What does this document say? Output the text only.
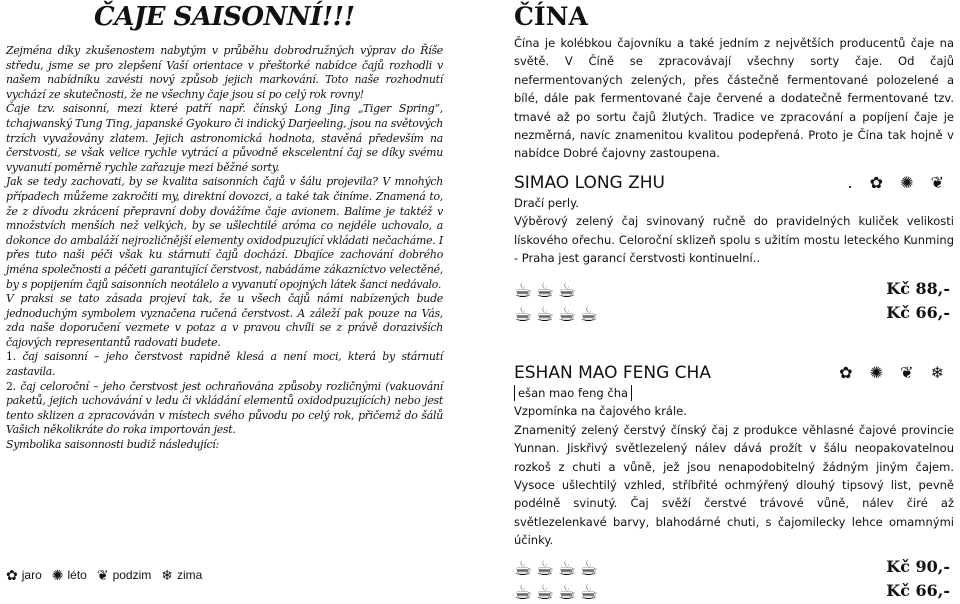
ČAJE SAISONNÍ!!!

Zejména díky zkušenostem nabytým v průběhu dobrodružných výprav do Říše středu, jsme se pro zlepšení Vaší orientace v přeštorké nabídce čajů rozhodli v našem nabídníku zavésti nový způsob jejich markování. Toto naše rozhodnutí vychází ze skutečnosti, že ne všechny čaje jsou si po celý rok rovny!

Čaje tzv. saisonní, mezi které patří např. čínský Long Jing „Tiger Spring“, tchajwanský Tung Ting, japanské Gyokuro či indický Darjeeling, jsou na světových trzích vyvažovány zlatem. Jejich astronomická hodnota, stavěná především na čerstvosti, se však velice rychle vytrácí a původně ekscelentní čaj se díky svému vyvanutí poměrně rychle zařazuje mezi běžné sorty.

Jak se tedy zachovati, by se kvalita saisonních čajů v šálu projevila? V mnohých případech můžeme zakročiti my, direktní dovozci, a také tak činíme. Znamená to, že z dívodu zkrácení přepravní doby dovážíme čaje avionem. Balíme je taktéž v množstvích menších než velkých, by se ušlechtilé aróma co nejdéle uchovalo, a dokonce do ambaláží nejrozličnější elementy oxidodpuzující vkládati nečacháme. I přes tuto naši péči však ku stárnutí čajů dochází. Dbajíce zachování dobrého jména společnosti a péčeti garantující čerstvost, nabádáme zákazníctvo velectěné, by s popijením čajů saisonních neotálelo a vyvanutí opojných látek šanci nedávalo.

V praksi se tato zásada projeví tak, že u všech čajů námi nabízených bude jednoduchým symbolem vyznačena ručená čerstvost. A záleží pak pouze na Vás, zda naše doporučení vezmete v potaz a v pravou chvíli se z právě dorazivších čajových representantů radovati budete.

1. čaj saisonní – jeho čerstvost rapidně klesá a není moci, která by stárnutí zastavila.

2. čaj celoroční – jeho čerstvost jest ochraňována způsoby rozličnými (vakuování paketů, jejich uchovávání v ledu či vkládání elementů oxidodpuzujících) nebo jest tento sklizen a zpracováván v místech svého původu po celý rok, přičemž do šálů Vašich několikráte do roka importován jest.

Symbolika saisonnosti budiž následující:

✿ jaro ✺ léto ❦ podzim ❄ zima
ČÍNA

Čína je kolébkou čajovníku a také jedním z největších producentů čaje na světě. V Číně se zpracovávají všechny sorty čaje. Od čajů nefermentovaných zelených, přes částečně fermentované polozelené a bílé, dále pak fermentované čaje červené a dodatečně fermentované tzv. tmavé až po sortu čajů žlutých. Tradice ve zpracování a popíjení čaje je nezměrná, navíc znamenitou kvalitou podepřená. Proto je Čína tak hojně v nabídce Dobré čajovny zastoupena.

SIMAO LONG ZHU	. ✿ ✺ ❦

Dračí perly.

Výběrový zelený čaj svinovaný ručně do pravidelných kuliček velikosti lískového ořechu. Celoroční sklizeň spolu s užitím mostu leteckého Kunming - Praha jest garancí čerstvosti kontinuelní..

☕☕☕	Kč 88,-
☕☕☕☕	Kč 66,-
ESHAN MAO FENG CHA	✿ ✺ ❦ ❄

ešan mao feng čha

Vzpomínka na čajového krále.

Znamenitý zelený čerstvý čínský čaj z produkce věhlasné čajové provincie Yunnan. Jiskřivý světlezelený nálev dává prožít v šálu neopakovatelnou rozkoš z chuti a vůně, jež jsou nenapodobitelný žádným jiným čajem. Vysoce ušlechtilý vzhled, stříbřité ochmýřený dlouhý tipsový list, pevně podélně svinutý. Čaj svěží čerstvé trávové vůně, nálev čiré až světlezelenkavé barvy, blahodárné chuti, s čajomilecky lehce omamnými účinky.

☕☕☕☕	Kč 90,-
☕☕☕☕	Kč 66,-
